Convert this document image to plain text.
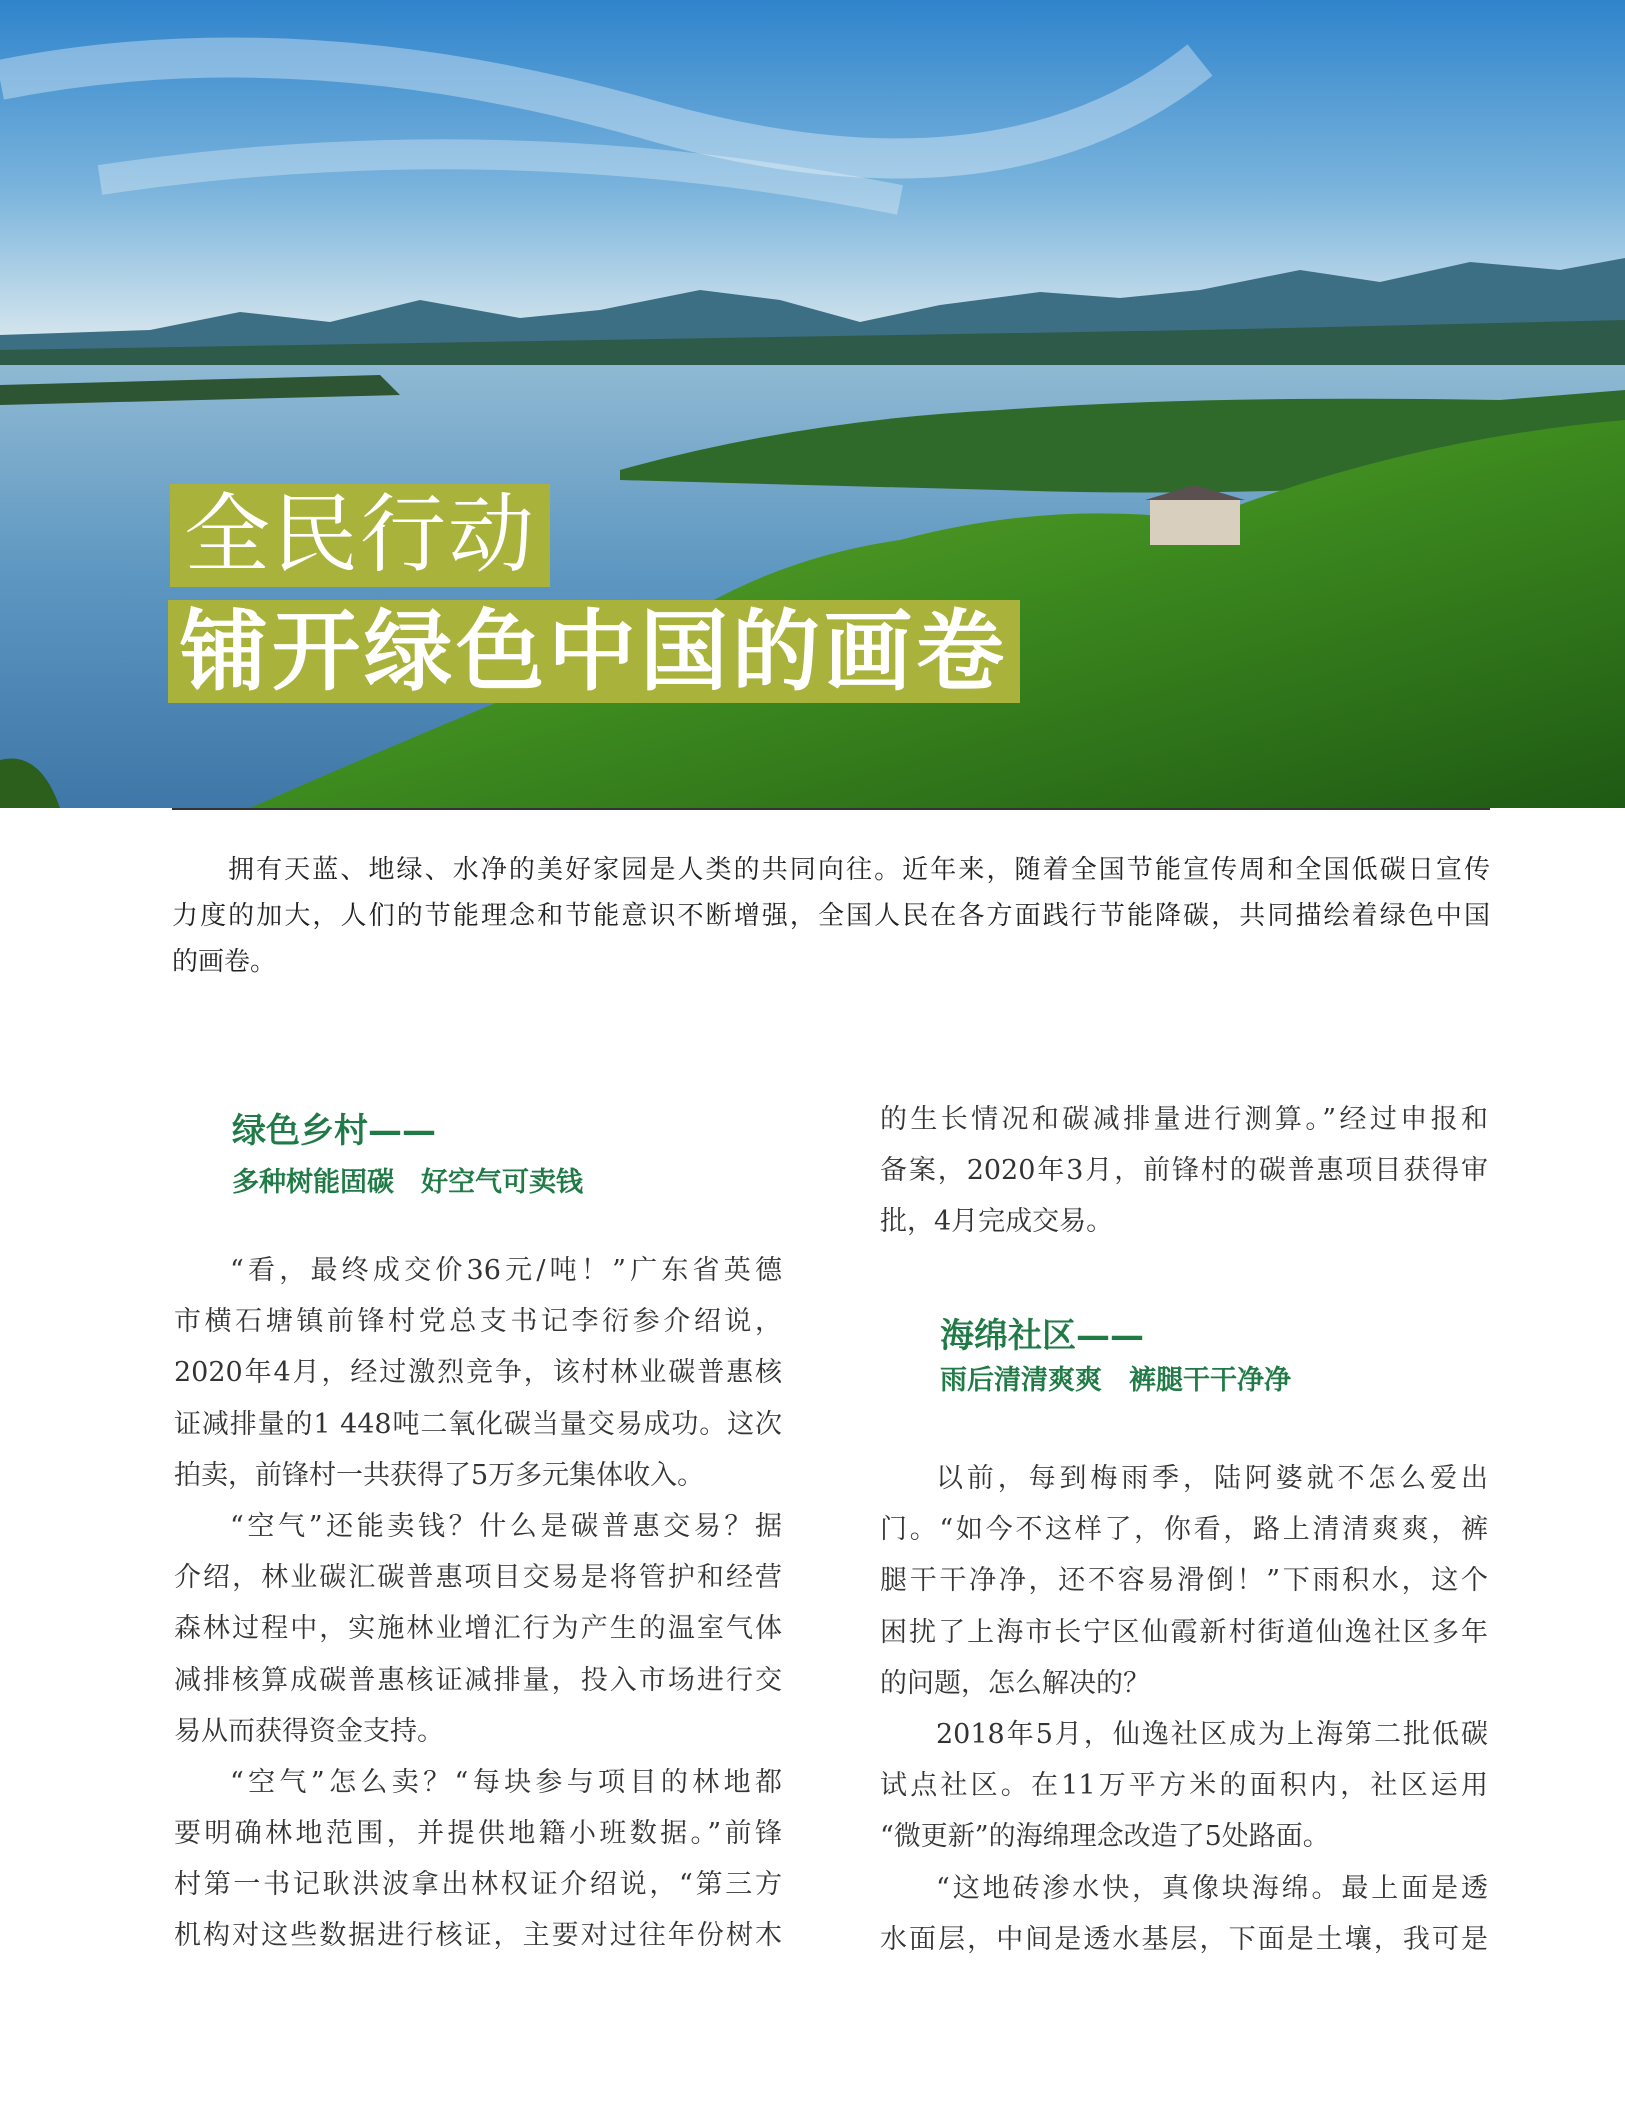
全民行动
铺开绿色中国的画卷
拥有天蓝、地绿、水净的美好家园是人类的共同向往。近年来，随着全国节能宣传周和全国低碳日宣传
力度的加大，人们的节能理念和节能意识不断增强，全国人民在各方面践行节能降碳，共同描绘着绿色中国
的画卷。
绿色乡村——
多种树能固碳　好空气可卖钱
“看，最终成交价36元/吨！”广东省英德
市横石塘镇前锋村党总支书记李衍参介绍说，
2020年4月，经过激烈竞争，该村林业碳普惠核
证减排量的1 448吨二氧化碳当量交易成功。这次
拍卖，前锋村一共获得了5万多元集体收入。
“空气”还能卖钱？什么是碳普惠交易？据
介绍，林业碳汇碳普惠项目交易是将管护和经营
森林过程中，实施林业增汇行为产生的温室气体
减排核算成碳普惠核证减排量，投入市场进行交
易从而获得资金支持。
“空气”怎么卖？“每块参与项目的林地都
要明确林地范围，并提供地籍小班数据。”前锋
村第一书记耿洪波拿出林权证介绍说，“第三方
机构对这些数据进行核证，主要对过往年份树木
的生长情况和碳减排量进行测算。”经过申报和
备案，2020年3月，前锋村的碳普惠项目获得审
批，4月完成交易。
海绵社区——
雨后清清爽爽　裤腿干干净净
以前，每到梅雨季，陆阿婆就不怎么爱出
门。“如今不这样了，你看，路上清清爽爽，裤
腿干干净净，还不容易滑倒！”下雨积水，这个
困扰了上海市长宁区仙霞新村街道仙逸社区多年
的问题，怎么解决的？
2018年5月，仙逸社区成为上海第二批低碳
试点社区。在11万平方米的面积内，社区运用
“微更新”的海绵理念改造了5处路面。
“这地砖渗水快，真像块海绵。最上面是透
水面层，中间是透水基层，下面是土壤，我可是
